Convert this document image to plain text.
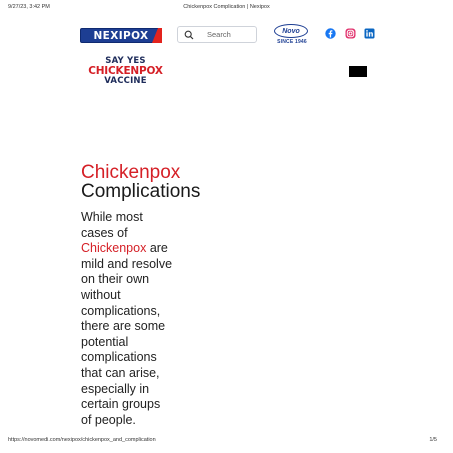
9/27/23, 3:42 PM	Chickenpox Complication | Nexipox
NEXIPOX	Search	Novo
SINCE 1946
SAY YES
CHICKENPOX
VACCINE
Chickenpox
Complications
While most
cases of
Chickenpox are
mild and resolve
on their own
without
complications,
there are some
potential
complications
that can arise,
especially in
certain groups
of people.
https://novomedi.com/nexipox/chickenpox_and_complication	1/5
